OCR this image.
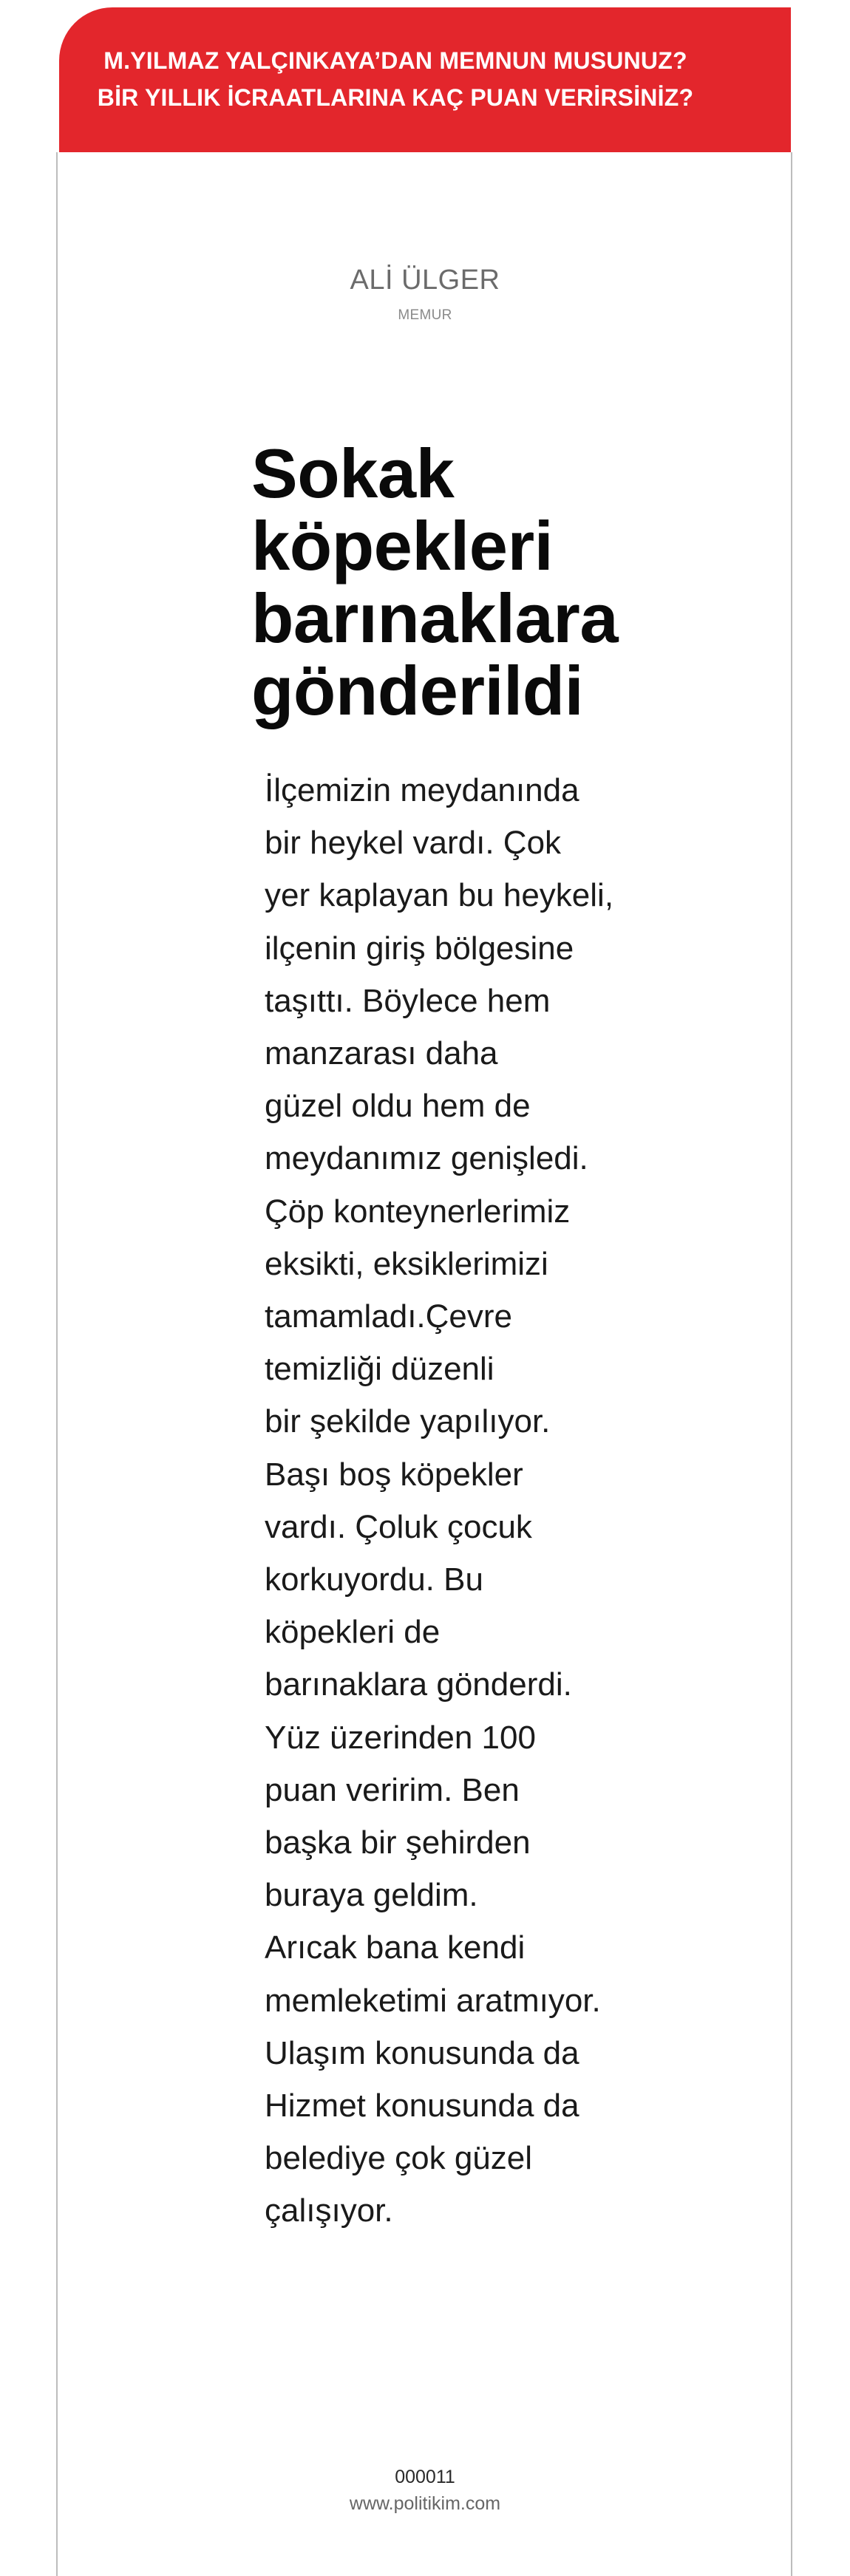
M.YILMAZ YALÇINKAYA’DAN MEMNUN MUSUNUZ?
BİR YILLIK İCRAATLARINA KAÇ PUAN VERİRSİNİZ?
ALİ ÜLGER
MEMUR
Sokak
köpekleri
barınaklara
gönderildi
İlçemizin meydanında
bir heykel vardı. Çok
yer kaplayan bu heykeli,
ilçenin giriş bölgesine
taşıttı. Böylece hem
manzarası daha
güzel oldu hem de
meydanımız genişledi.
Çöp konteynerlerimiz
eksikti, eksiklerimizi
tamamladı.Çevre
temizliği düzenli
bir şekilde yapılıyor.
Başı boş köpekler
vardı. Çoluk çocuk
korkuyordu. Bu
köpekleri de
barınaklara gönderdi.
Yüz üzerinden 100
puan veririm. Ben
başka bir şehirden
buraya geldim.
Arıcak bana kendi
memleketimi aratmıyor.
Ulaşım konusunda da
Hizmet konusunda da
belediye çok güzel
çalışıyor.
000011
www.politikim.com
